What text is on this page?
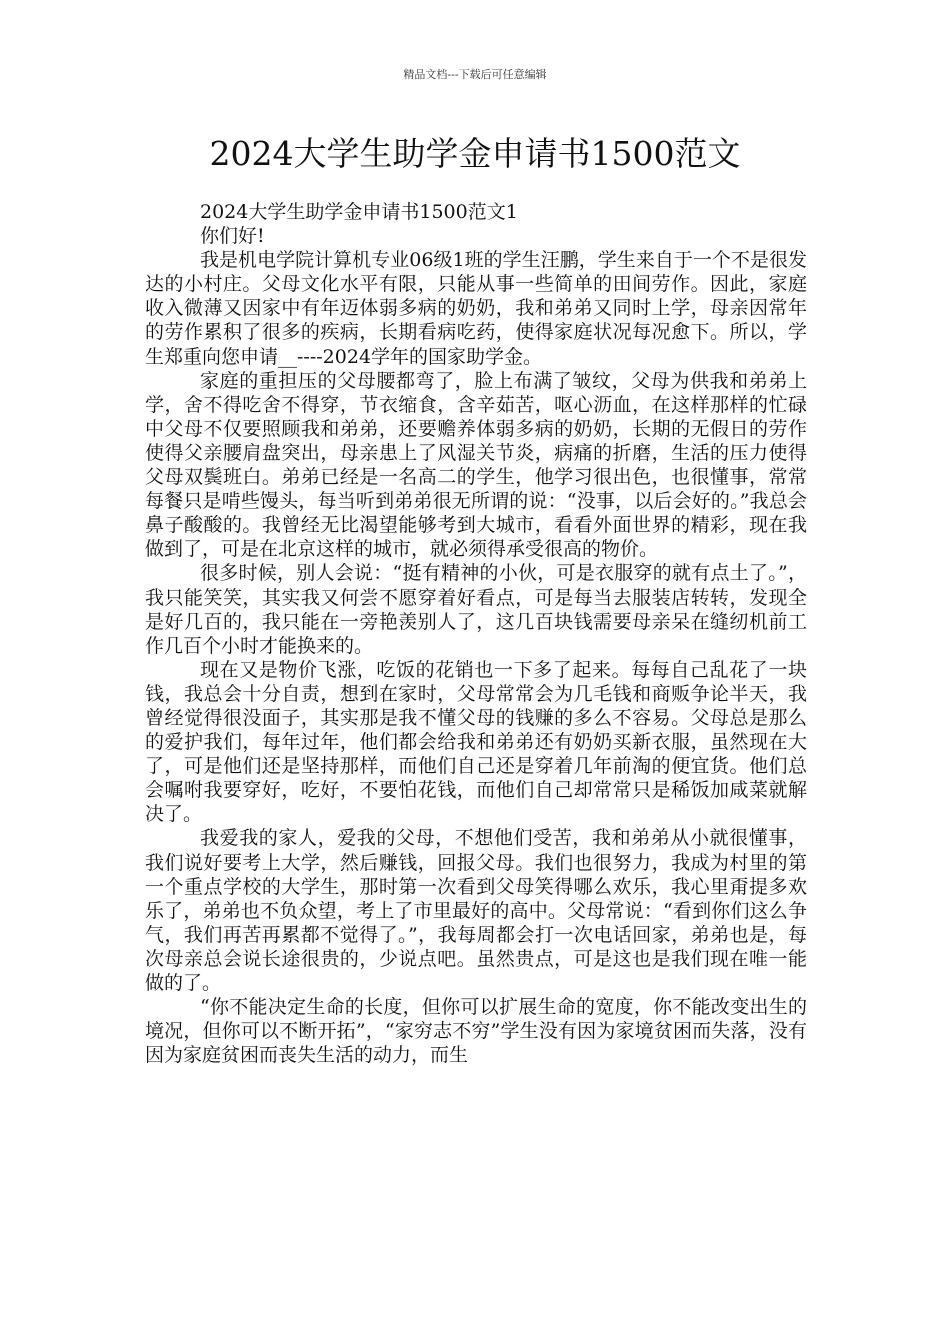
精品文档---下载后可任意编辑
2024大学生助学金申请书1500范文

2024大学生助学金申请书1500范文1

你们好!

我是机电学院计算机专业06级1班的学生汪鹏，学生来自于一个不是很发达的小村庄。父母文化水平有限，只能从事一些简单的田间劳作。因此，家庭收入微薄又因家中有年迈体弱多病的奶奶，我和弟弟又同时上学，母亲因常年的劳作累积了很多的疾病，长期看病吃药，使得家庭状况每况愈下。所以，学生郑重向您申请__----2024学年的国家助学金。

家庭的重担压的父母腰都弯了，脸上布满了皱纹，父母为供我和弟弟上学，舍不得吃舍不得穿，节衣缩食，含辛茹苦，呕心沥血，在这样那样的忙碌中父母不仅要照顾我和弟弟，还要赡养体弱多病的奶奶，长期的无假日的劳作使得父亲腰肩盘突出，母亲患上了风湿关节炎，病痛的折磨，生活的压力使得父母双鬓班白。弟弟已经是一名高二的学生，他学习很出色，也很懂事，常常每餐只是啃些馒头，每当听到弟弟很无所谓的说：“没事，以后会好的。”我总会鼻子酸酸的。我曾经无比渴望能够考到大城市，看看外面世界的精彩，现在我做到了，可是在北京这样的城市，就必须得承受很高的物价。

很多时候，别人会说：“挺有精神的小伙，可是衣服穿的就有点土了。”，我只能笑笑，其实我又何尝不愿穿着好看点，可是每当去服装店转转，发现全是好几百的，我只能在一旁艳羡别人了，这几百块钱需要母亲呆在缝纫机前工作几百个小时才能换来的。

现在又是物价飞涨，吃饭的花销也一下多了起来。每每自己乱花了一块钱，我总会十分自责，想到在家时，父母常常会为几毛钱和商贩争论半天，我曾经觉得很没面子，其实那是我不懂父母的钱赚的多么不容易。父母总是那么的爱护我们，每年过年，他们都会给我和弟弟还有奶奶买新衣服，虽然现在大了，可是他们还是坚持那样，而他们自己还是穿着几年前淘的便宜货。他们总会嘱咐我要穿好，吃好，不要怕花钱，而他们自己却常常只是稀饭加咸菜就解决了。

我爱我的家人，爱我的父母，不想他们受苦，我和弟弟从小就很懂事，我们说好要考上大学，然后赚钱，回报父母。我们也很努力，我成为村里的第一个重点学校的大学生，那时第一次看到父母笑得哪么欢乐，我心里甭提多欢乐了，弟弟也不负众望，考上了市里最好的高中。父母常说：“看到你们这么争气，我们再苦再累都不觉得了。”，我每周都会打一次电话回家，弟弟也是，每次母亲总会说长途很贵的，少说点吧。虽然贵点，可是这也是我们现在唯一能做的了。

“你不能决定生命的长度，但你可以扩展生命的宽度，你不能改变出生的境况，但你可以不断开拓”，“家穷志不穷”学生没有因为家境贫困而失落，没有因为家庭贫困而丧失生活的动力，而生
